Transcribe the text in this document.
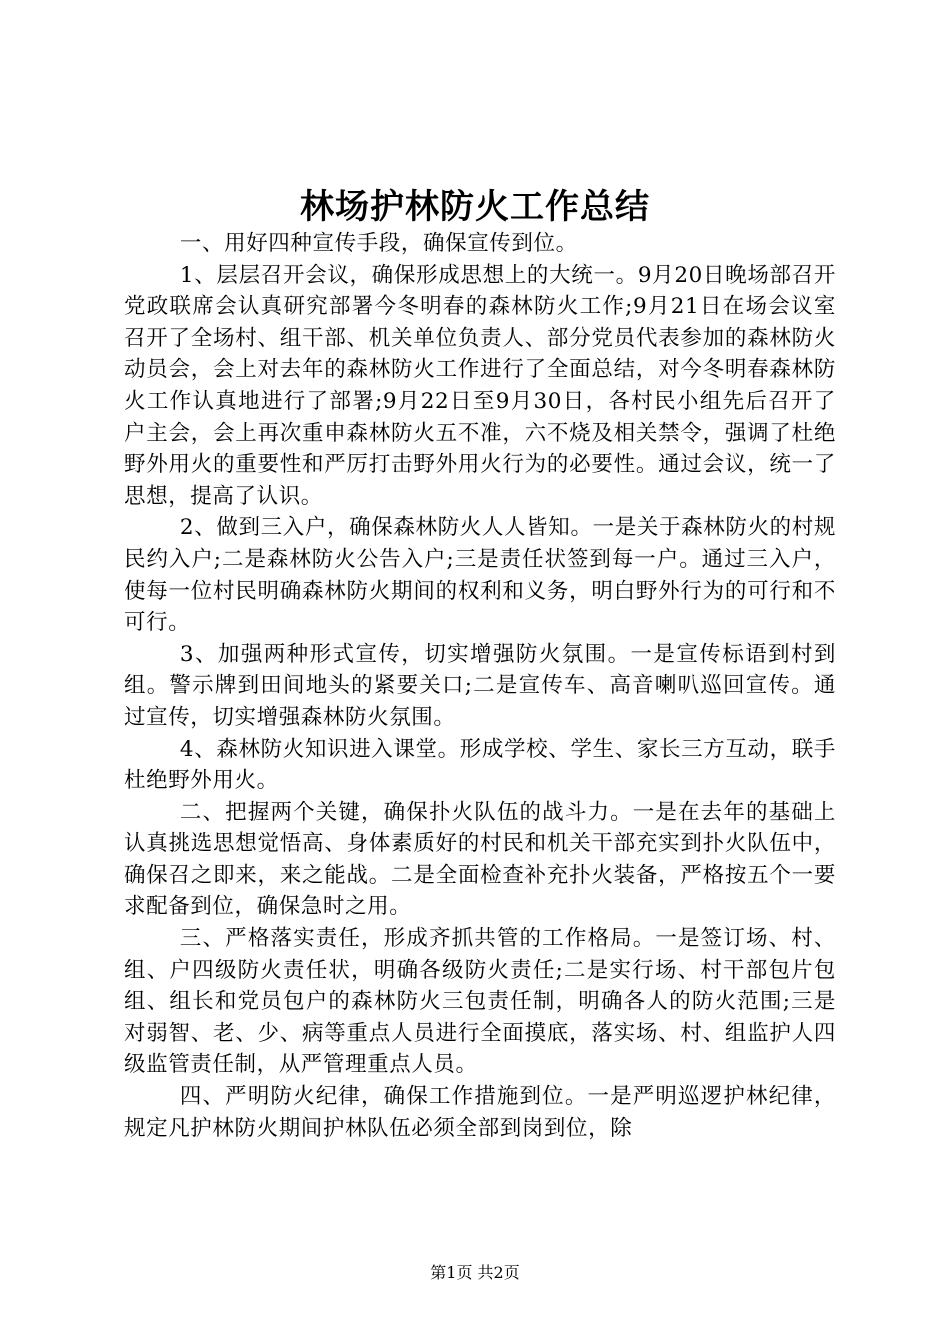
林场护林防火工作总结

一、用好四种宣传手段，确保宣传到位。

1、层层召开会议，确保形成思想上的大统一。9月20日晚场部召开党政联席会认真研究部署今冬明春的森林防火工作;9月21日在场会议室召开了全场村、组干部、机关单位负责人、部分党员代表参加的森林防火动员会，会上对去年的森林防火工作进行了全面总结，对今冬明春森林防火工作认真地进行了部署;9月22日至9月30日，各村民小组先后召开了户主会，会上再次重申森林防火五不准，六不烧及相关禁令，强调了杜绝野外用火的重要性和严厉打击野外用火行为的必要性。通过会议，统一了思想，提高了认识。

2、做到三入户，确保森林防火人人皆知。一是关于森林防火的村规民约入户;二是森林防火公告入户;三是责任状签到每一户。通过三入户，使每一位村民明确森林防火期间的权利和义务，明白野外行为的可行和不可行。

3、加强两种形式宣传，切实增强防火氛围。一是宣传标语到村到组。警示牌到田间地头的紧要关口;二是宣传车、高音喇叭巡回宣传。通过宣传，切实增强森林防火氛围。

4、森林防火知识进入课堂。形成学校、学生、家长三方互动，联手杜绝野外用火。

二、把握两个关键，确保扑火队伍的战斗力。一是在去年的基础上认真挑选思想觉悟高、身体素质好的村民和机关干部充实到扑火队伍中，确保召之即来，来之能战。二是全面检查补充扑火装备，严格按五个一要求配备到位，确保急时之用。

三、严格落实责任，形成齐抓共管的工作格局。一是签订场、村、组、户四级防火责任状，明确各级防火责任;二是实行场、村干部包片包组、组长和党员包户的森林防火三包责任制，明确各人的防火范围;三是对弱智、老、少、病等重点人员进行全面摸底，落实场、村、组监护人四级监管责任制，从严管理重点人员。

四、严明防火纪律，确保工作措施到位。一是严明巡逻护林纪律，规定凡护林防火期间护林队伍必须全部到岗到位，除

第1页 共2页
